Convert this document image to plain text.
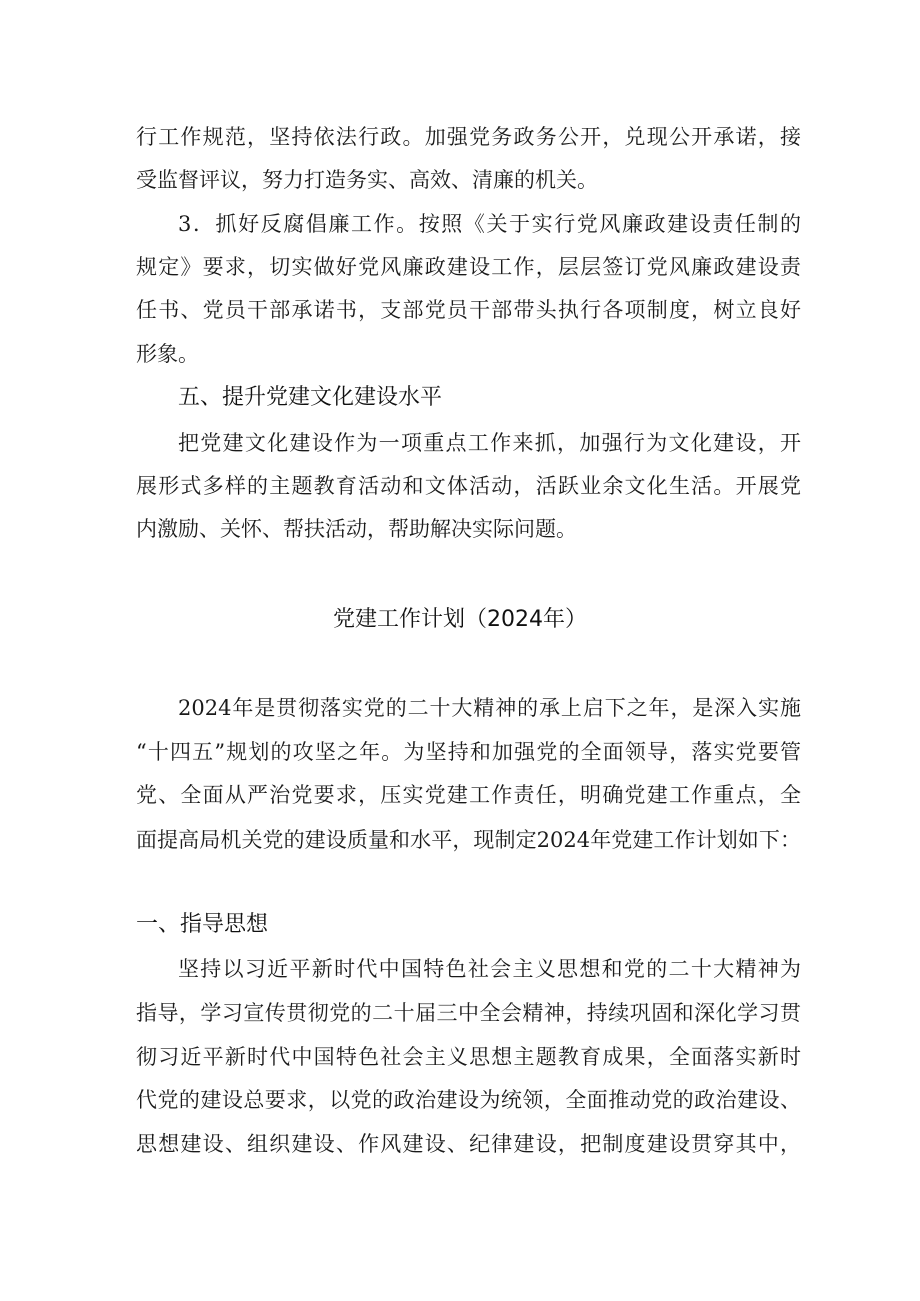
行工作规范，坚持依法行政。加强党务政务公开，兑现公开承诺，接
受监督评议，努力打造务实、高效、清廉的机关。
3．抓好反腐倡廉工作。按照《关于实行党风廉政建设责任制的
规定》要求，切实做好党风廉政建设工作，层层签订党风廉政建设责
任书、党员干部承诺书，支部党员干部带头执行各项制度，树立良好
形象。
五、提升党建文化建设水平
把党建文化建设作为一项重点工作来抓，加强行为文化建设，开
展形式多样的主题教育活动和文体活动，活跃业余文化生活。开展党
内激励、关怀、帮扶活动，帮助解决实际问题。
党建工作计划（2024年）
2024年是贯彻落实党的二十大精神的承上启下之年，是深入实施
“十四五”规划的攻坚之年。为坚持和加强党的全面领导，落实党要管
党、全面从严治党要求，压实党建工作责任，明确党建工作重点，全
面提高局机关党的建设质量和水平，现制定2024年党建工作计划如下：
一、指导思想
坚持以习近平新时代中国特色社会主义思想和党的二十大精神为
指导，学习宣传贯彻党的二十届三中全会精神，持续巩固和深化学习贯
彻习近平新时代中国特色社会主义思想主题教育成果，全面落实新时
代党的建设总要求，以党的政治建设为统领，全面推动党的政治建设、
思想建设、组织建设、作风建设、纪律建设，把制度建设贯穿其中，
